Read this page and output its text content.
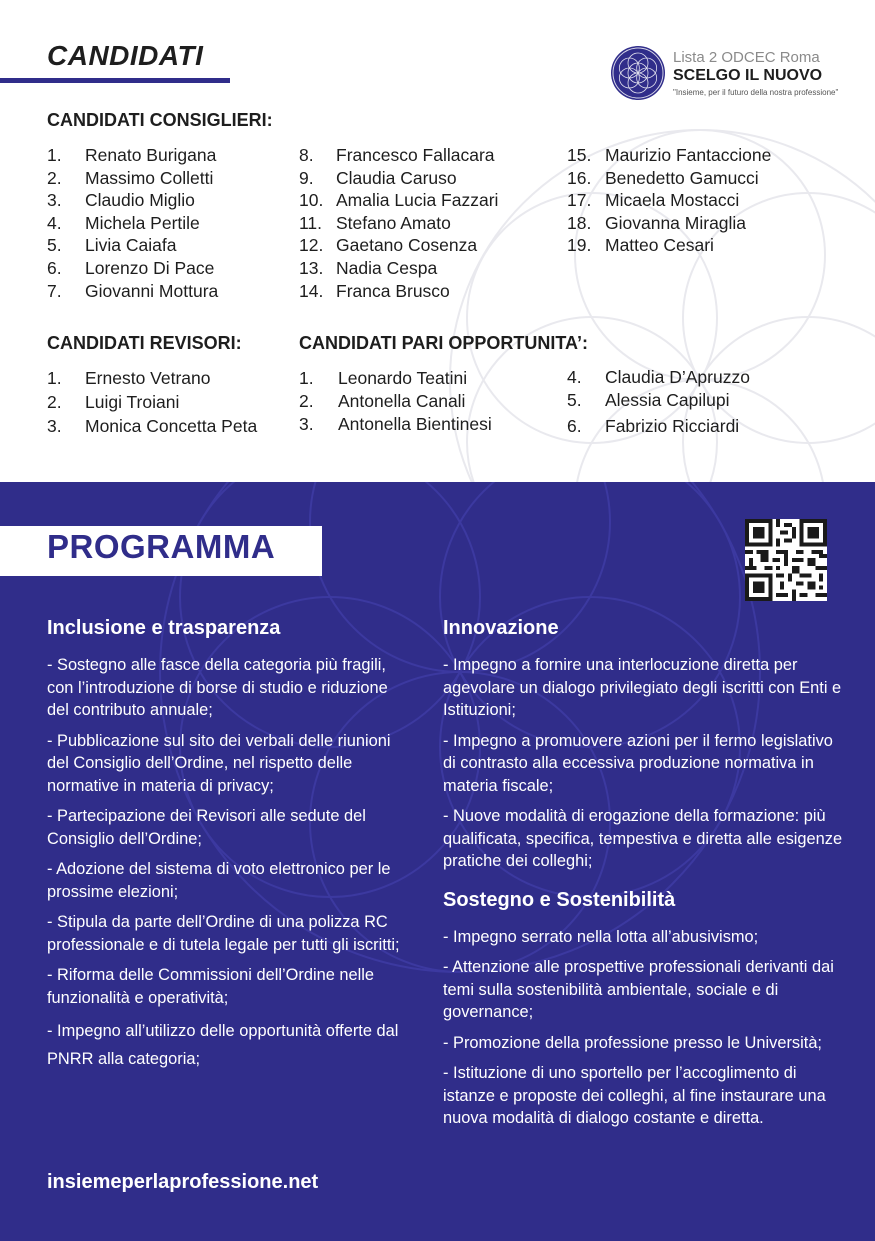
CANDIDATI	Lista 2 ODCEC Roma
SCELGO IL NUOVO
"Insieme, per il futuro della nostra professione"
CANDIDATI CONSIGLIERI:
1. Renato Burigana
2. Massimo Colletti
3. Claudio Miglio
4. Michela Pertile
5. Livia Caiafa
6. Lorenzo Di Pace
7. Giovanni Mottura
8. Francesco Fallacara
9. Claudia Caruso
10. Amalia Lucia Fazzari
11. Stefano Amato
12. Gaetano Cosenza
13. Nadia Cespa
14. Franca Brusco
15. Maurizio Fantaccione
16. Benedetto Gamucci
17. Micaela Mostacci
18. Giovanna Miraglia
19. Matteo Cesari
CANDIDATI REVISORI:
1. Ernesto Vetrano
2. Luigi Troiani
3. Monica Concetta Peta
CANDIDATI PARI OPPORTUNITA’:
1. Leonardo Teatini
2. Antonella Canali
3. Antonella Bientinesi
4. Claudia D’Apruzzo
5. Alessia Capilupi
6. Fabrizio Ricciardi
PROGRAMMA
Inclusione e trasparenza
- Sostegno alle fasce della categoria più fragili, con l’introduzione di borse di studio e riduzione del contributo annuale;
- Pubblicazione sul sito dei verbali delle riunioni del Consiglio dell’Ordine, nel rispetto delle normative in materia di privacy;
- Partecipazione dei Revisori alle sedute del Consiglio dell’Ordine;
- Adozione del sistema di voto elettronico per le prossime elezioni;
- Stipula da parte dell’Ordine di una polizza RC professionale e di tutela legale per tutti gli iscritti;
- Riforma delle Commissioni dell’Ordine nelle funzionalità e operatività;
- Impegno all’utilizzo delle opportunità offerte dal PNRR alla categoria;
Innovazione
- Impegno a fornire una interlocuzione diretta per agevolare un dialogo privilegiato degli iscritti con Enti e Istituzioni;
- Impegno a promuovere azioni per il fermo legislativo di contrasto alla eccessiva produzione normativa in materia fiscale;
- Nuove modalità di erogazione della formazione: più qualificata, specifica, tempestiva e diretta alle esigenze pratiche dei colleghi;
Sostegno e Sostenibilità
- Impegno serrato nella lotta all’abusivismo;
- Attenzione alle prospettive professionali derivanti dai temi sulla sostenibilità ambientale, sociale e di governance;
- Promozione della professione presso le Università;
- Istituzione di uno sportello per l’accoglimento di istanze e proposte dei colleghi, al fine instaurare una nuova modalità di dialogo costante e diretta.
insiemeperlaprofessione.net
